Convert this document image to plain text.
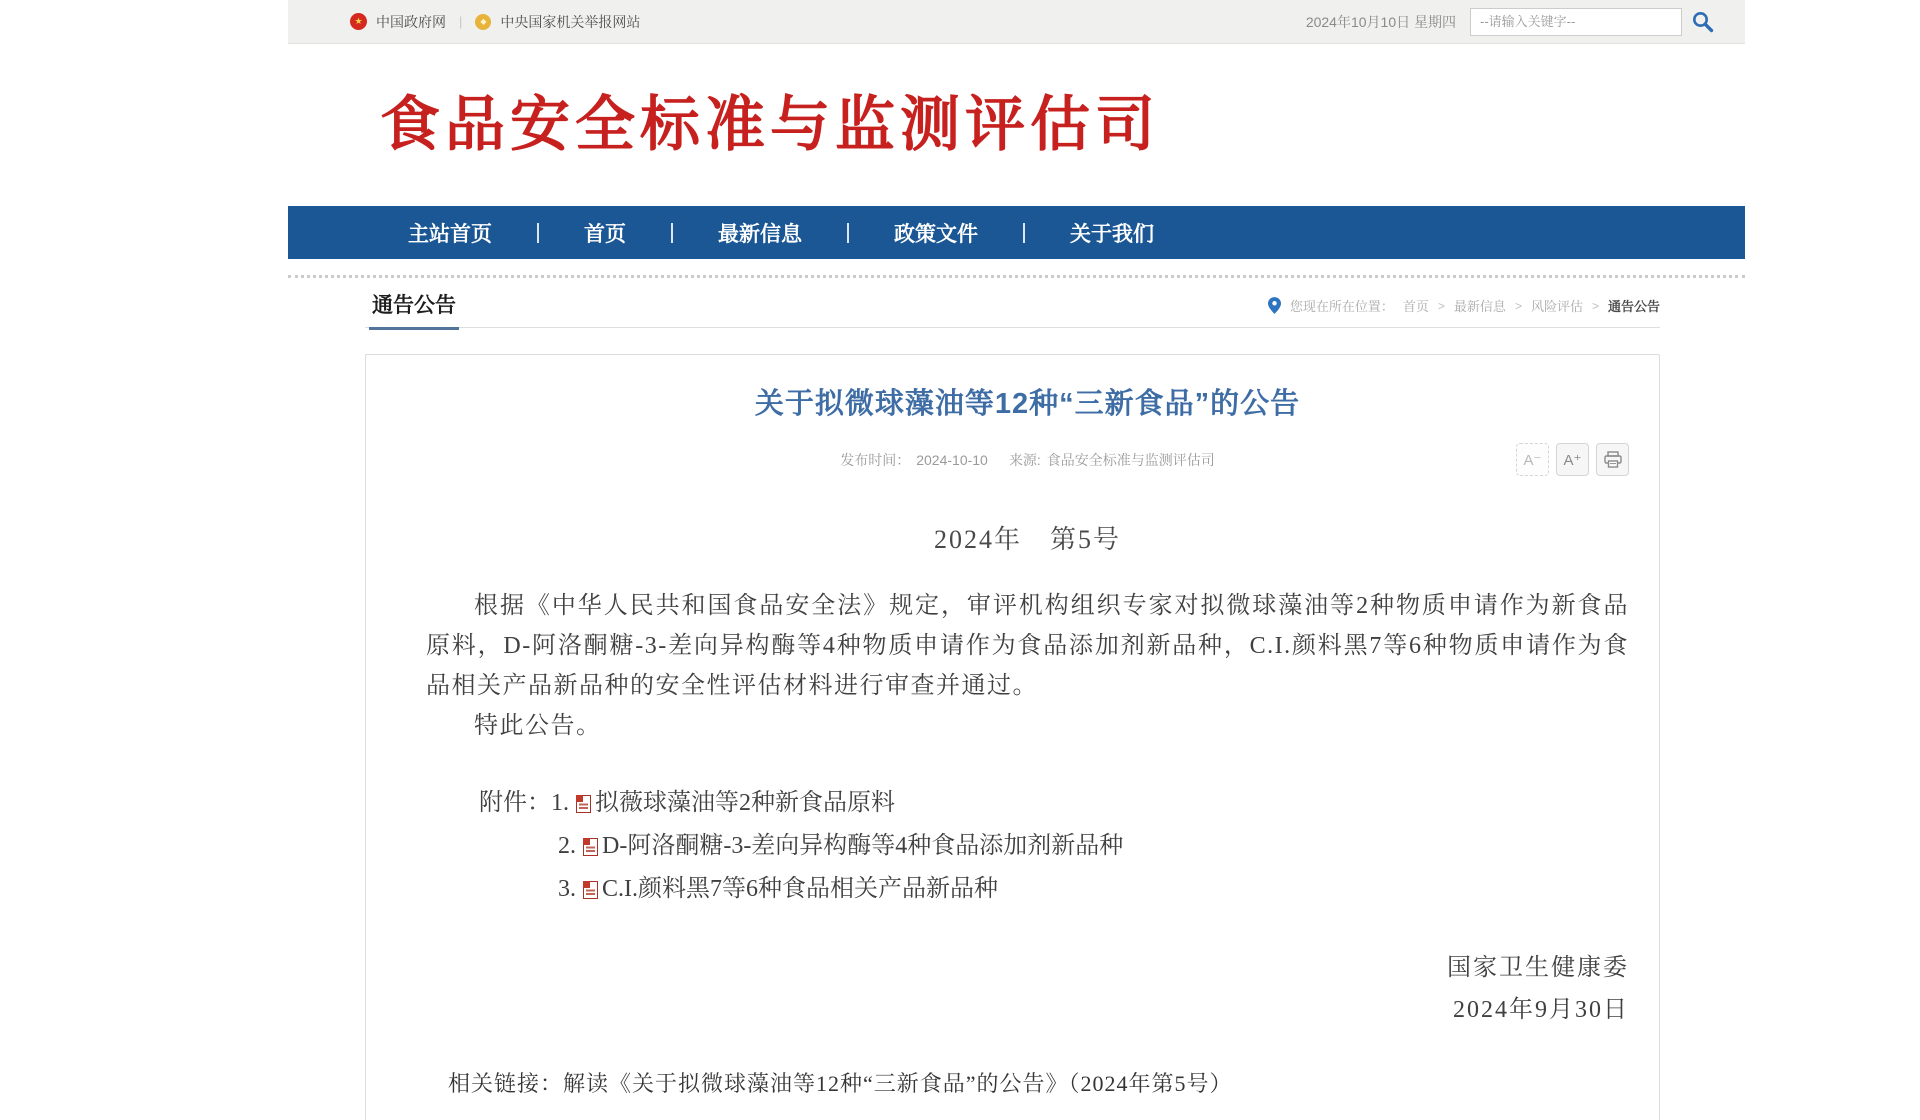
★
中国政府网	| ◆	中央国家机关举报网站	2024年10月10日 星期四
--请输入关键字--
食品安全标准与监测评估司
主站首页	首页	最新信息	政策文件	关于我们
通告公告	您现在所在位置： 首页 > 最新信息 > 风险评估 > 通告公告
关于拟微球藻油等12种“三新食品”的公告
发布时间： 2024-10-10 来源: 食品安全标准与监测评估司	A⁻	A⁺
2024年　第5号

根据《中华人民共和国食品安全法》规定，审评机构组织专家对拟微球藻油等2种物质申请作为新食品原料，D-阿洛酮糖-3-差向异构酶等4种物质申请作为食品添加剂新品种，C.I.颜料黑7等6种物质申请作为食品相关产品新品种的安全性评估材料进行审查并通过。

特此公告。

附件： 1. 拟薇球藻油等2种新食品原料
2. D-阿洛酮糖-3-差向异构酶等4种食品添加剂新品种
3. C.I.颜料黑7等6种食品相关产品新品种
国家卫生健康委
2024年9月30日
相关链接：解读《关于拟微球藻油等12种“三新食品”的公告》（2024年第5号）
